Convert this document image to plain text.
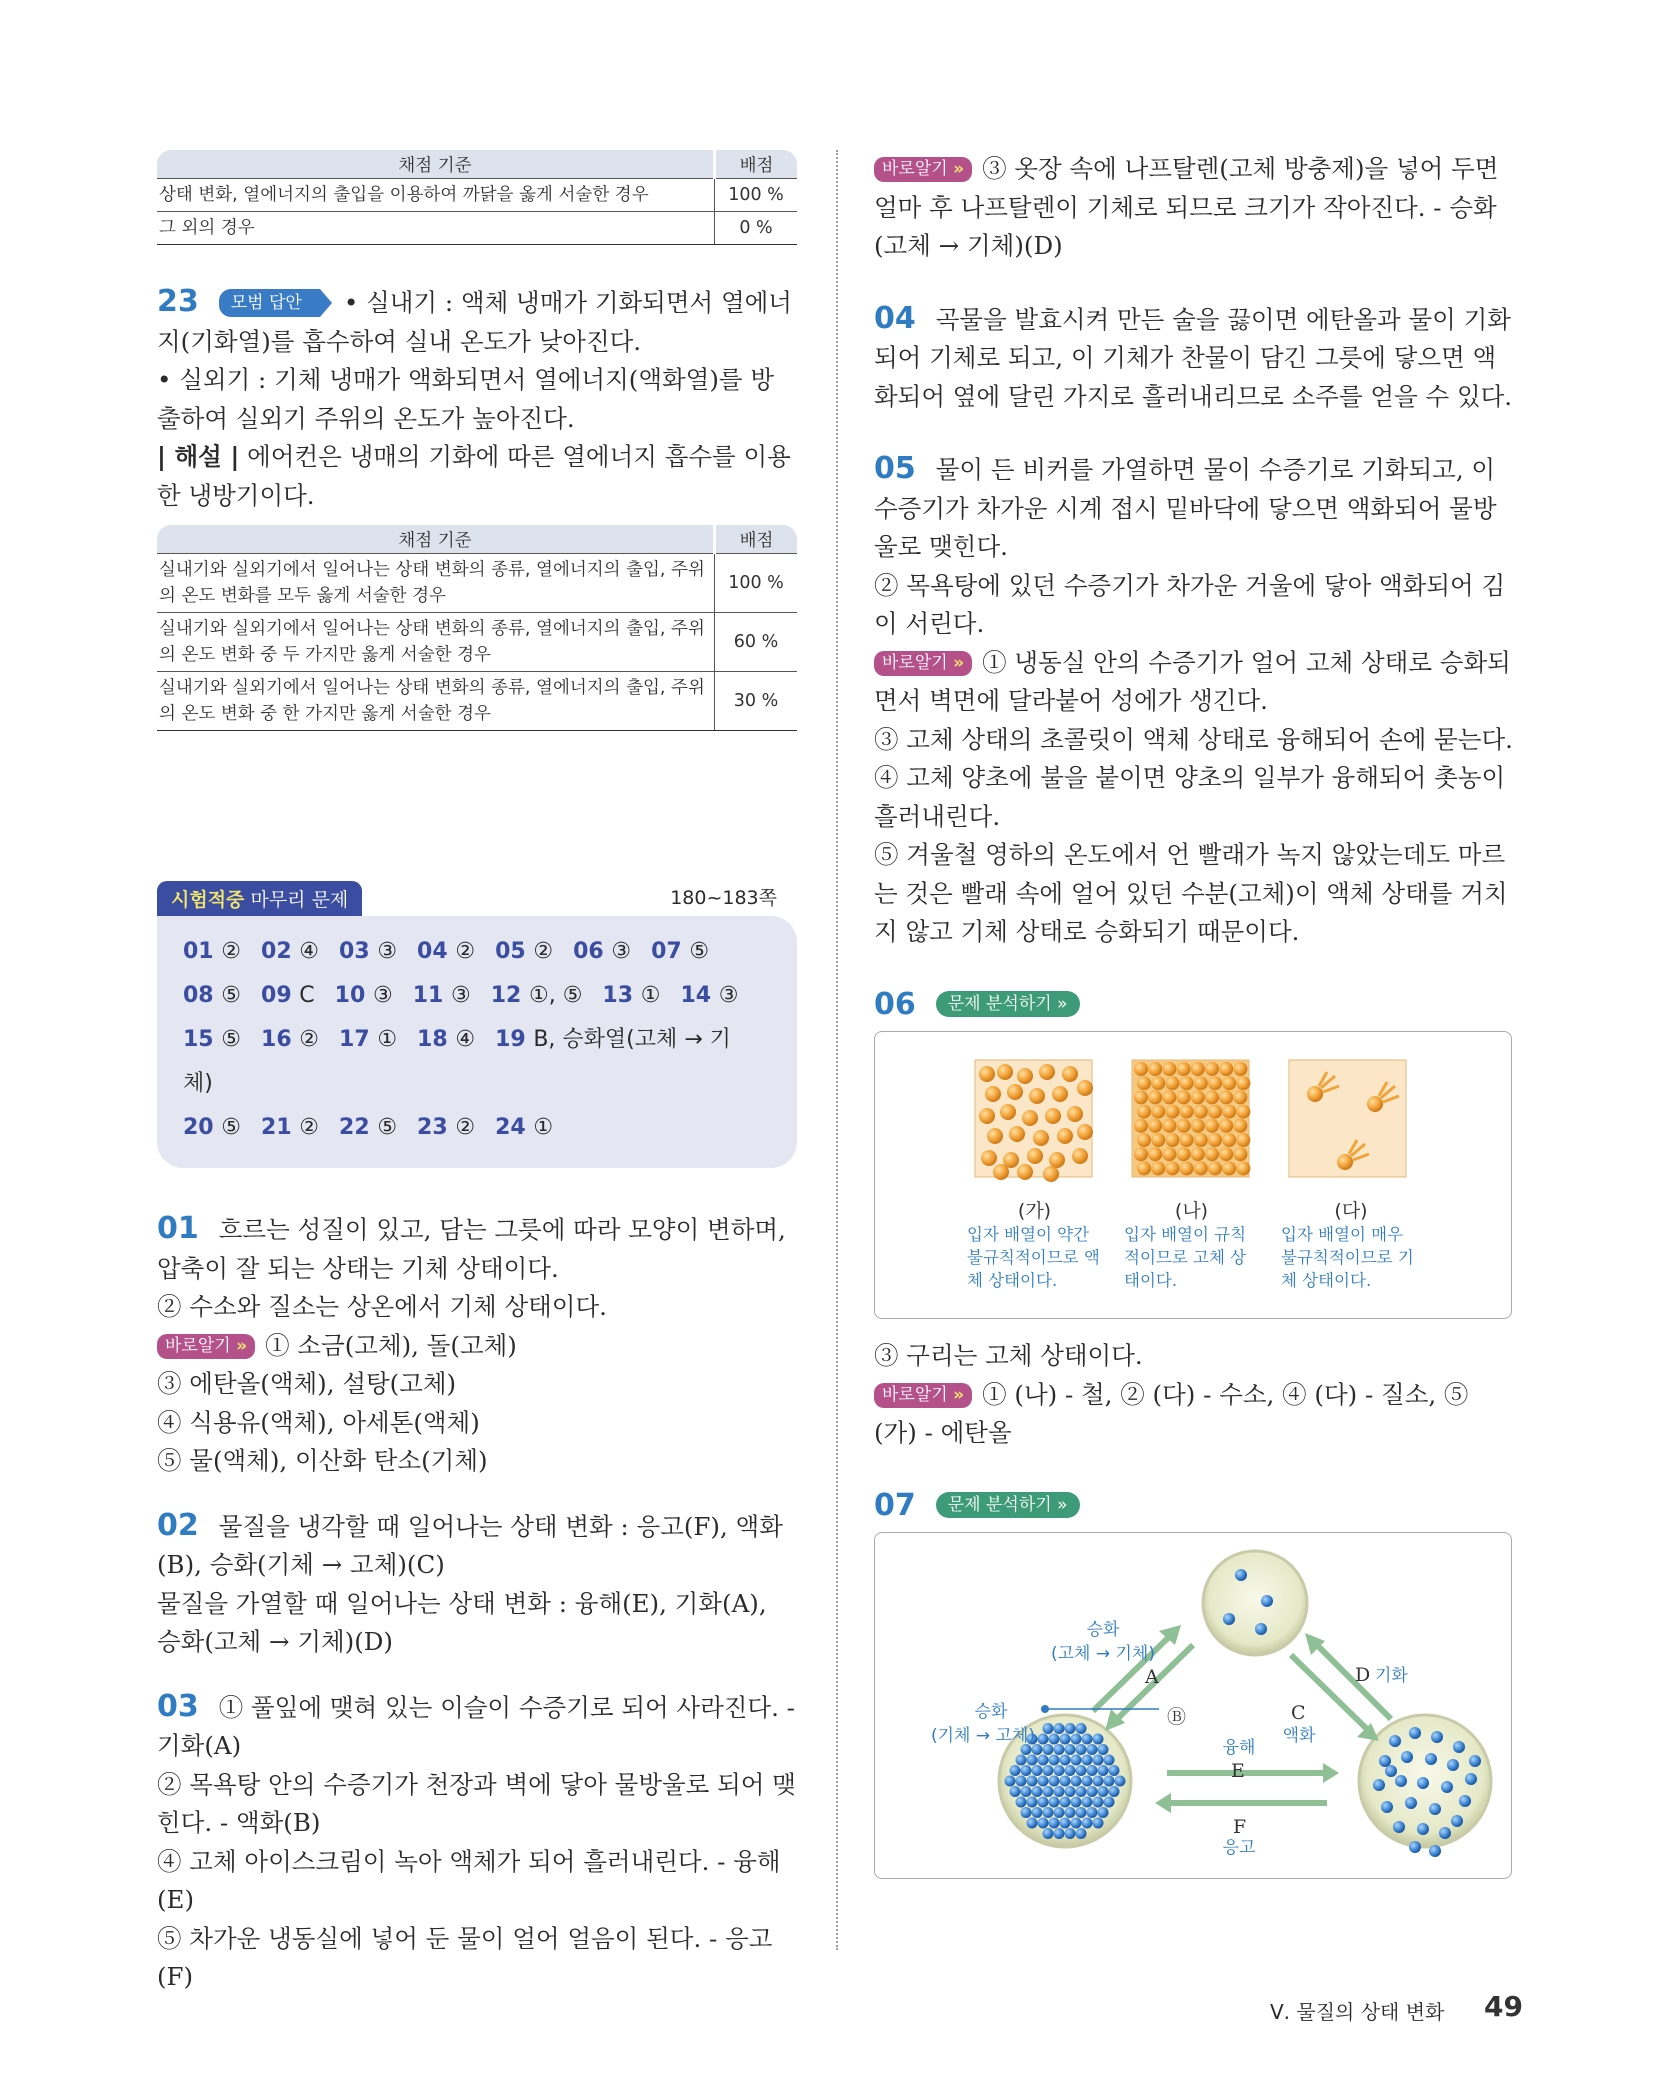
채점 기준	배점
상태 변화, 열에너지의 출입을 이용하여 까닭을 옳게 서술한 경우	100 %
그 외의 경우	0 %

23 모범 답안 • 실내기 : 액체 냉매가 기화되면서 열에너지(기화열)를 흡수하여 실내 온도가 낮아진다.

• 실외기 : 기체 냉매가 액화되면서 열에너지(액화열)를 방출하여 실외기 주위의 온도가 높아진다.

| 해설 | 에어컨은 냉매의 기화에 따른 열에너지 흡수를 이용한 냉방기이다.

채점 기준	배점
실내기와 실외기에서 일어나는 상태 변화의 종류, 열에너지의 출입, 주위의 온도 변화를 모두 옳게 서술한 경우	100 %
실내기와 실외기에서 일어나는 상태 변화의 종류, 열에너지의 출입, 주위의 온도 변화 중 두 가지만 옳게 서술한 경우	60 %
실내기와 실외기에서 일어나는 상태 변화의 종류, 열에너지의 출입, 주위의 온도 변화 중 한 가지만 옳게 서술한 경우	30 %
시험적중 마무리 문제	180~183쪽
01 ② 02 ④ 03 ③ 04 ② 05 ② 06 ③ 07 ⑤
08 ⑤ 09 C 10 ③ 11 ③ 12 ①, ⑤ 13 ① 14 ③
15 ⑤ 16 ② 17 ① 18 ④ 19 B, 승화열(고체 → 기체)
20 ⑤ 21 ② 22 ⑤ 23 ② 24 ①

01 흐르는 성질이 있고, 담는 그릇에 따라 모양이 변하며, 압축이 잘 되는 상태는 기체 상태이다.

② 수소와 질소는 상온에서 기체 상태이다.

바로알기 » ① 소금(고체), 돌(고체)

③ 에탄올(액체), 설탕(고체)

④ 식용유(액체), 아세톤(액체)

⑤ 물(액체), 이산화 탄소(기체)

02 물질을 냉각할 때 일어나는 상태 변화 : 응고(F), 액화(B), 승화(기체 → 고체)(C)

물질을 가열할 때 일어나는 상태 변화 : 융해(E), 기화(A), 승화(고체 → 기체)(D)

03 ① 풀잎에 맺혀 있는 이슬이 수증기로 되어 사라진다. - 기화(A)

② 목욕탕 안의 수증기가 천장과 벽에 닿아 물방울로 되어 맺힌다. - 액화(B)

④ 고체 아이스크림이 녹아 액체가 되어 흘러내린다. - 융해(E)

⑤ 차가운 냉동실에 넣어 둔 물이 얼어 얼음이 된다. - 응고(F)

바로알기 » ③ 옷장 속에 나프탈렌(고체 방충제)을 넣어 두면 얼마 후 나프탈렌이 기체로 되므로 크기가 작아진다. - 승화(고체 → 기체)(D)

04 곡물을 발효시켜 만든 술을 끓이면 에탄올과 물이 기화되어 기체로 되고, 이 기체가 찬물이 담긴 그릇에 닿으면 액화되어 옆에 달린 가지로 흘러내리므로 소주를 얻을 수 있다.

05 물이 든 비커를 가열하면 물이 수증기로 기화되고, 이 수증기가 차가운 시계 접시 밑바닥에 닿으면 액화되어 물방울로 맺힌다.

② 목욕탕에 있던 수증기가 차가운 거울에 닿아 액화되어 김이 서린다.

바로알기 » ① 냉동실 안의 수증기가 얼어 고체 상태로 승화되면서 벽면에 달라붙어 성에가 생긴다.

③ 고체 상태의 초콜릿이 액체 상태로 융해되어 손에 묻는다.

④ 고체 양초에 불을 붙이면 양초의 일부가 융해되어 촛농이 흘러내린다.

⑤ 겨울철 영하의 온도에서 언 빨래가 녹지 않았는데도 마르는 것은 빨래 속에 얼어 있던 수분(고체)이 액체 상태를 거치지 않고 기체 상태로 승화되기 때문이다.

06 문제 분석하기 »

(가)
입자 배열이 약간 불규칙적이므로 액체 상태이다.
(나)
입자 배열이 규칙적이므로 고체 상태이다.
(다)
입자 배열이 매우 불규칙적이므로 기체 상태이다.

③ 구리는 고체 상태이다.

바로알기 » ① (나) - 철, ② (다) - 수소, ④ (다) - 질소, ⑤ (가) - 에탄올

07 문제 분석하기 »

승화
(고체 → 기체)
승화
(기체 → 고체)	액화
기화
융해
응고
A
Ⓑ	C
D
E
F
Ⅴ. 물질의 상태 변화 49
